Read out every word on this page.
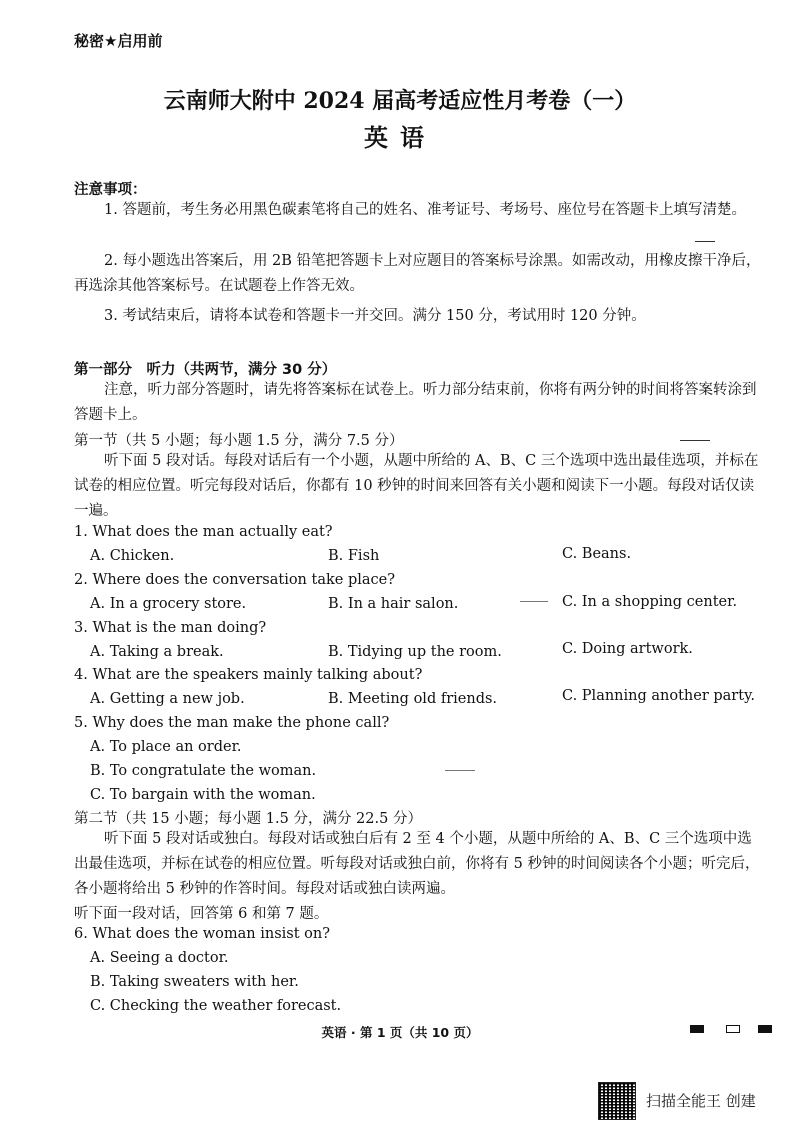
秘密★启用前
云南师大附中 2024 届高考适应性月考卷（一）
英语
注意事项：
1. 答题前，考生务必用黑色碳素笔将自己的姓名、准考证号、考场号、座位号在答题卡上填写清楚。
2. 每小题选出答案后，用 2B 铅笔把答题卡上对应题目的答案标号涂黑。如需改动，用橡皮擦干净后，再选涂其他答案标号。在试题卷上作答无效。
3. 考试结束后，请将本试卷和答题卡一并交回。满分 150 分，考试用时 120 分钟。
第一部分　听力（共两节，满分 30 分）
注意，听力部分答题时，请先将答案标在试卷上。听力部分结束前，你将有两分钟的时间将答案转涂到答题卡上。
第一节（共 5 小题；每小题 1.5 分，满分 7.5 分）
听下面 5 段对话。每段对话后有一个小题，从题中所给的 A、B、C 三个选项中选出最佳选项，并标在试卷的相应位置。听完每段对话后，你都有 10 秒钟的时间来回答有关小题和阅读下一小题。每段对话仅读一遍。
1. What does the man actually eat?
A. Chicken.	B. Fish	C. Beans.
2. Where does the conversation take place?
A. In a grocery store.	B. In a hair salon.	C. In a shopping center.
3. What is the man doing?
A. Taking a break.	B. Tidying up the room.	C. Doing artwork.
4. What are the speakers mainly talking about?
A. Getting a new job.	B. Meeting old friends.	C. Planning another party.
5. Why does the man make the phone call?
A. To place an order.
B. To congratulate the woman.
C. To bargain with the woman.
第二节（共 15 小题；每小题 1.5 分，满分 22.5 分）
听下面 5 段对话或独白。每段对话或独白后有 2 至 4 个小题，从题中所给的 A、B、C 三个选项中选出最佳选项，并标在试卷的相应位置。听每段对话或独白前，你将有 5 秒钟的时间阅读各个小题；听完后，各小题将给出 5 秒钟的作答时间。每段对话或独白读两遍。
听下面一段对话，回答第 6 和第 7 题。
6. What does the woman insist on?
A. Seeing a doctor.
B. Taking sweaters with her.
C. Checking the weather forecast.
英语 · 第 1 页（共 10 页）
扫描全能王 创建
